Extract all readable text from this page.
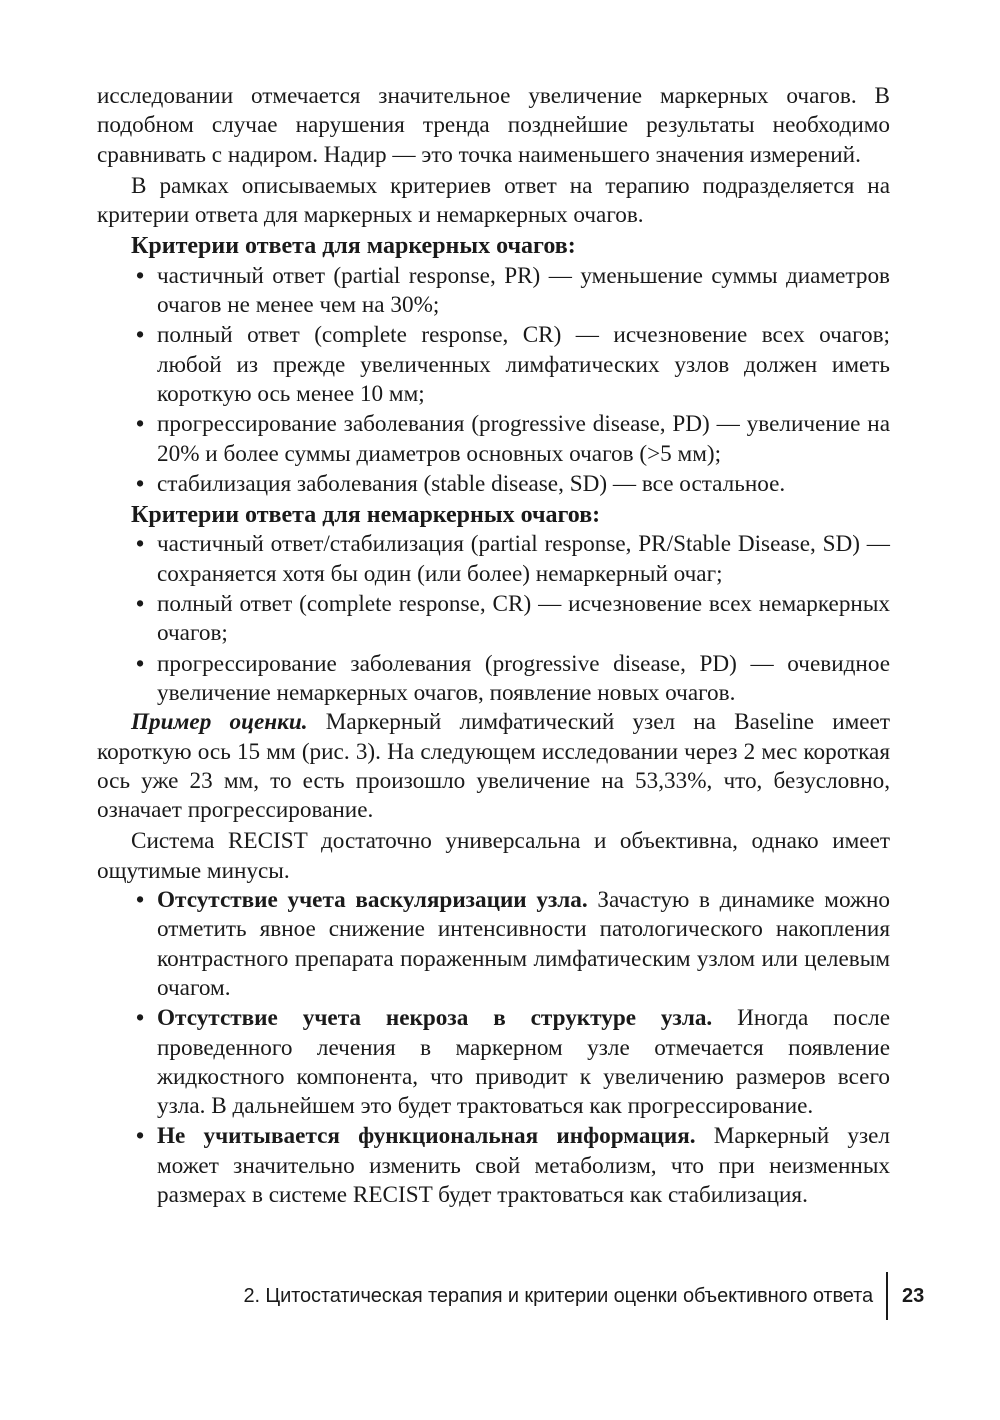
исследовании отмечается значительное увеличение маркерных очагов. В подобном случае нарушения тренда позднейшие результаты необходимо сравнивать с надиром. Надир — это точка наименьшего значения измерений.

В рамках описываемых критериев ответ на терапию подразделяется на критерии ответа для маркерных и немаркерных очагов.

Критерии ответа для маркерных очагов:

• частичный ответ (partial response, PR) — уменьшение суммы диаметров очагов не менее чем на 30%;
• полный ответ (complete response, CR) — исчезновение всех очагов; любой из прежде увеличенных лимфатических узлов должен иметь короткую ось менее 10 мм;
• прогрессирование заболевания (progressive disease, PD) — увеличение на 20% и более суммы диаметров основных очагов (>5 мм);
• стабилизация заболевания (stable disease, SD) — все остальное.

Критерии ответа для немаркерных очагов:

• частичный ответ/стабилизация (partial response, PR/Stable Disease, SD) — сохраняется хотя бы один (или более) немаркерный очаг;
• полный ответ (complete response, CR) — исчезновение всех немаркерных очагов;
• прогрессирование заболевания (progressive disease, PD) — очевидное увеличение немаркерных очагов, появление новых очагов.

Пример оценки. Маркерный лимфатический узел на Baseline имеет короткую ось 15 мм (рис. 3). На следующем исследовании через 2 мес короткая ось уже 23 мм, то есть произошло увеличение на 53,33%, что, безусловно, означает прогрессирование.

Система RECIST достаточно универсальна и объективна, однако имеет ощутимые минусы.

• Отсутствие учета васкуляризации узла. Зачастую в динамике можно отметить явное снижение интенсивности патологического накопления контрастного препарата пораженным лимфатическим узлом или целевым очагом.
• Отсутствие учета некроза в структуре узла. Иногда после проведенного лечения в маркерном узле отмечается появление жидкостного компонента, что приводит к увеличению размеров всего узла. В дальнейшем это будет трактоваться как прогрессирование.
• Не учитывается функциональная информация. Маркерный узел может значительно изменить свой метаболизм, что при неизменных размерах в системе RECIST будет трактоваться как стабилизация.
2. Цитостатическая терапия и критерии оценки объективного ответа 23
